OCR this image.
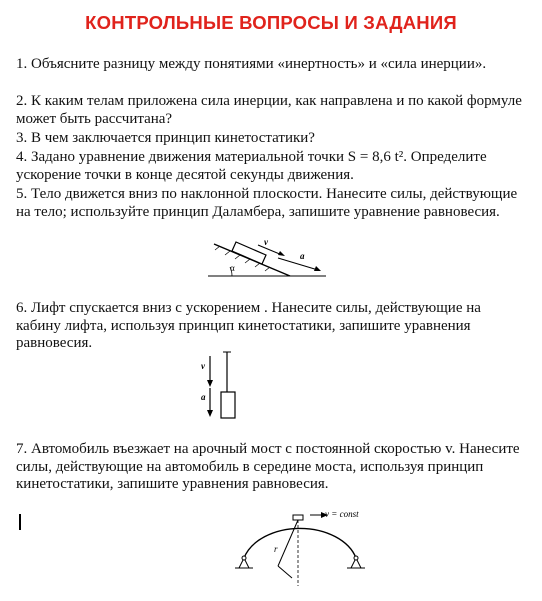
КОНТРОЛЬНЫЕ ВОПРОСЫ И ЗАДАНИЯ
1. Объясните разницу между понятиями «инертность» и «сила инерции».
2. К каким телам приложена сила инерции, как направлена и по какой формуле может быть рассчитана?
3. В чем заключается принцип кинетостатики?
4. Задано уравнение движения материальной точки S = 8,6 t². Определите ускорение точки в конце десятой секунды движения.
5. Тело движется вниз по наклонной плоскости. Нанесите силы, действующие на тело; используйте принцип Даламбера, запишите уравнение равновесия.
v
a
α
6. Лифт спускается вниз с ускорением . Нанесите силы, действующие на кабину лифта, используя принцип кинетостатики, запишите уравнения равновесия.
v
a
7. Автомобиль въезжает на арочный мост с постоянной скоростью v. Нанесите силы, действующие на автомобиль в середине моста, используя принцип кинетостатики, запишите уравнения равновесия.
r
v = const
